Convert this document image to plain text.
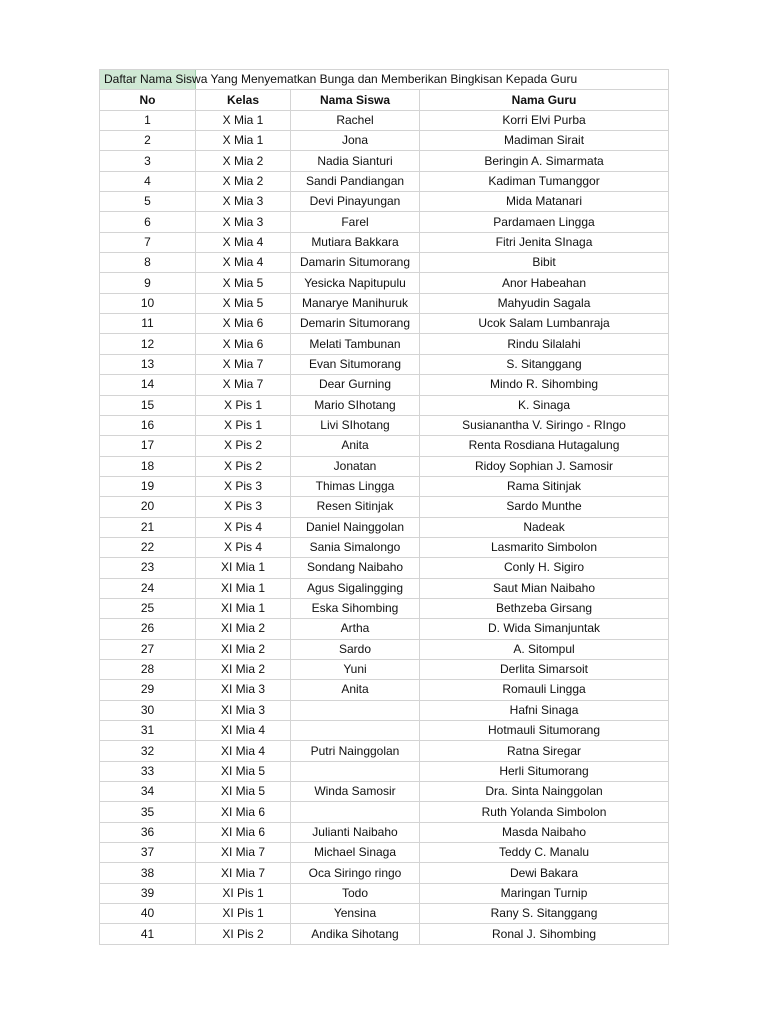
Daftar Nama Siswa Yang Menyematkan Bunga dan Memberikan Bingkisan Kepada Guru			
No	Kelas	Nama Siswa	Nama Guru
1	X Mia 1	Rachel	Korri Elvi Purba
2	X Mia 1	Jona	Madiman Sirait
3	X Mia 2	Nadia Sianturi	Beringin A. Simarmata
4	X Mia 2	Sandi Pandiangan	Kadiman Tumanggor
5	X Mia 3	Devi Pinayungan	Mida Matanari
6	X Mia 3	Farel	Pardamaen Lingga
7	X Mia 4	Mutiara Bakkara	Fitri Jenita SInaga
8	X Mia 4	Damarin Situmorang	Bibit
9	X Mia 5	Yesicka Napitupulu	Anor Habeahan
10	X Mia 5	Manarye Manihuruk	Mahyudin Sagala
11	X Mia 6	Demarin Situmorang	Ucok Salam Lumbanraja
12	X Mia 6	Melati Tambunan	Rindu Silalahi
13	X Mia 7	Evan Situmorang	S. Sitanggang
14	X Mia 7	Dear Gurning	Mindo R. Sihombing
15	X Pis 1	Mario SIhotang	K. Sinaga
16	X Pis 1	Livi SIhotang	Susianantha V. Siringo - RIngo
17	X Pis 2	Anita	Renta Rosdiana Hutagalung
18	X Pis 2	Jonatan	Ridoy Sophian J. Samosir
19	X Pis 3	Thimas Lingga	Rama Sitinjak
20	X Pis 3	Resen Sitinjak	Sardo Munthe
21	X Pis 4	Daniel Nainggolan	Nadeak
22	X Pis 4	Sania Simalongo	Lasmarito Simbolon
23	XI Mia 1	Sondang Naibaho	Conly H. Sigiro
24	XI Mia 1	Agus Sigalingging	Saut Mian Naibaho
25	XI Mia 1	Eska Sihombing	Bethzeba Girsang
26	XI Mia 2	Artha	D. Wida Simanjuntak
27	XI Mia 2	Sardo	A. Sitompul
28	XI Mia 2	Yuni	Derlita Simarsoit
29	XI Mia 3	Anita	Romauli Lingga
30	XI Mia 3		Hafni Sinaga
31	XI Mia 4		Hotmauli Situmorang
32	XI Mia 4	Putri Nainggolan	Ratna Siregar
33	XI Mia 5		Herli Situmorang
34	XI Mia 5	Winda Samosir	Dra. Sinta Nainggolan
35	XI Mia 6		Ruth Yolanda Simbolon
36	XI Mia 6	Julianti Naibaho	Masda Naibaho
37	XI Mia 7	Michael Sinaga	Teddy C. Manalu
38	XI Mia 7	Oca Siringo ringo	Dewi Bakara
39	XI Pis 1	Todo	Maringan Turnip
40	XI Pis 1	Yensina	Rany S. Sitanggang
41	XI Pis 2	Andika Sihotang	Ronal J. Sihombing
